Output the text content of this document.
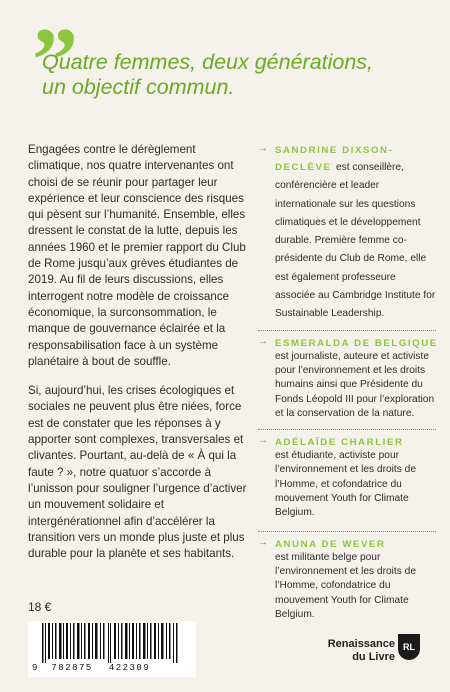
”
Quatre femmes, deux générations,
un objectif commun.

Engagées contre le dérèglement climatique, nos quatre intervenantes ont choisi de se réunir pour partager leur expérience et leur conscience des risques qui pèsent sur l’humanité. Ensemble, elles dressent le constat de la lutte, depuis les années 1960 et le premier rapport du Club de Rome jusqu’aux grèves étudiantes de 2019. Au fil de leurs discussions, elles interrogent notre modèle de croissance économique, la surconsommation, le manque de gouvernance éclairée et la responsabilisation face à un système planétaire à bout de souffle.

Si, aujourd’hui, les crises écologiques et sociales ne peuvent plus être niées, force est de constater que les réponses à y apporter sont complexes, transversales et clivantes. Pourtant, au-delà de « À qui la faute ? », notre quatuor s’accorde à l’unisson pour souligner l’urgence d’activer un mouvement solidaire et intergénérationnel afin d’accélérer la transition vers un monde plus juste et plus durable pour la planète et ses habitants.

→ SANDRINE DIXSON-
DECLÈVE est conseillère, conférencière et leader internationale sur les questions climatiques et le développement durable. Première femme co-présidente du Club de Rome, elle est également professeure associée au Cambridge Institute for Sustainable Leadership.
→ ESMERALDA DE BELGIQUE
est journaliste, auteure et activiste pour l’environnement et les droits humains ainsi que Présidente du Fonds Léopold III pour l’exploration et la conservation de la nature.
→ ADÉLAÏDE CHARLIER
est étudiante, activiste pour l’environnement et les droits de l’Homme, et cofondatrice du mouvement Youth for Climate Belgium.
→ ANUNA DE WEVER
est militante belge pour l’environnement et les droits de l’Homme, cofondatrice du mouvement Youth for Climate Belgium.
18 €
9 782875 422309
Renaissance
du Livre
RL
